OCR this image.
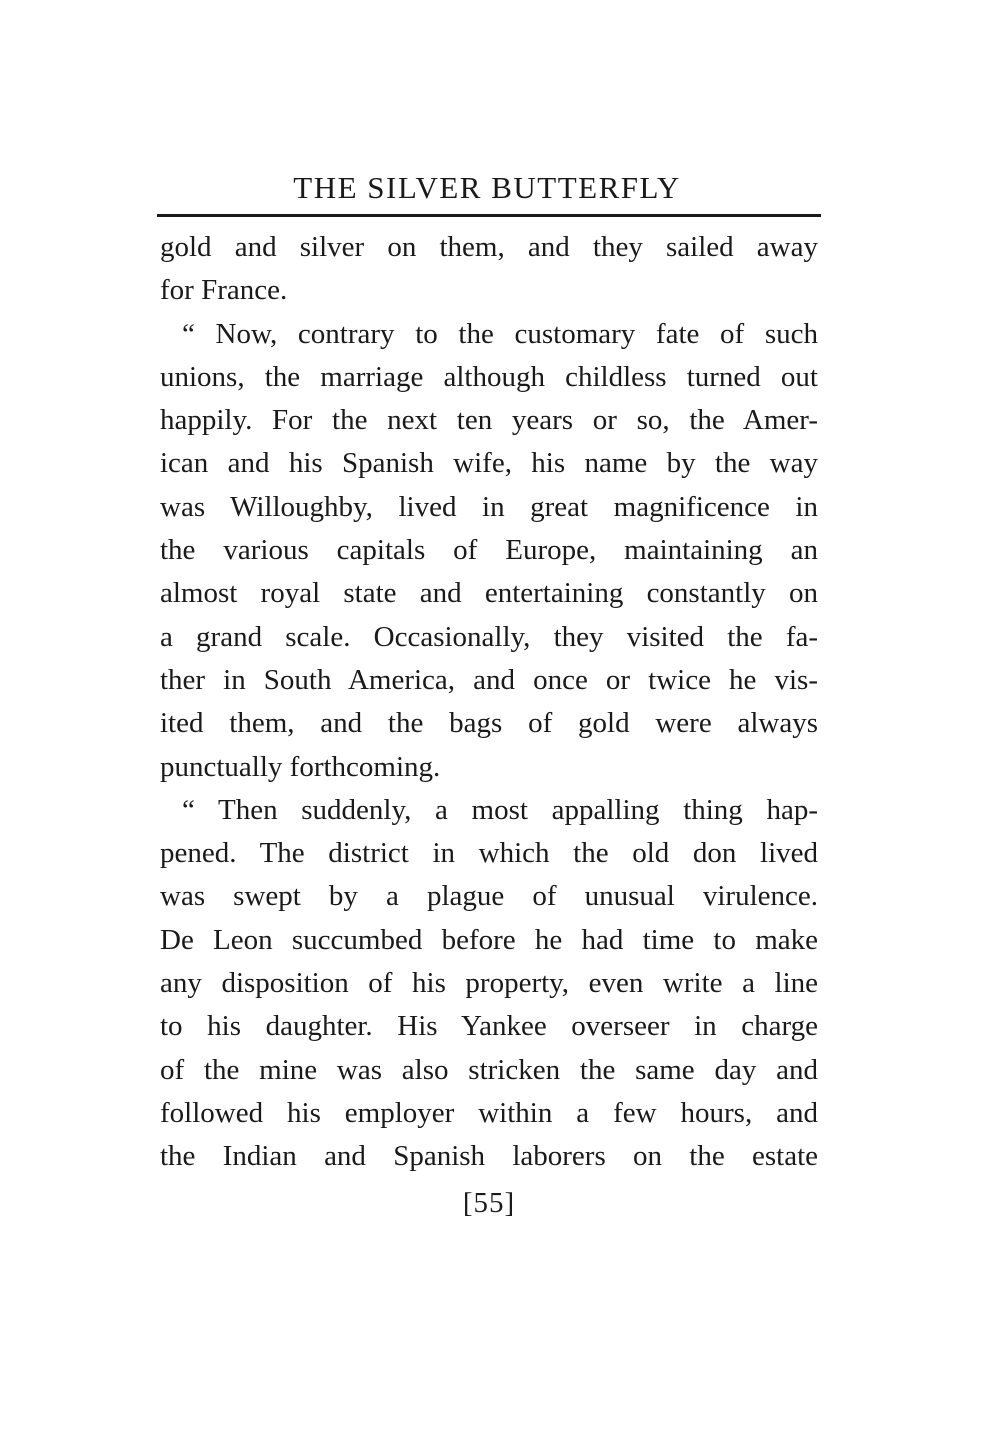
THE SILVER BUTTERFLY
gold and silver on them, and they sailed away
for France.
“ Now, contrary to the customary fate of such
unions, the marriage although childless turned out
happily. For the next ten years or so, the Amer-
ican and his Spanish wife, his name by the way
was Willoughby, lived in great magnificence in
the various capitals of Europe, maintaining an
almost royal state and entertaining constantly on
a grand scale. Occasionally, they visited the fa-
ther in South America, and once or twice he vis-
ited them, and the bags of gold were always
punctually forthcoming.
“ Then suddenly, a most appalling thing hap-
pened. The district in which the old don lived
was swept by a plague of unusual virulence.
De Leon succumbed before he had time to make
any disposition of his property, even write a line
to his daughter. His Yankee overseer in charge
of the mine was also stricken the same day and
followed his employer within a few hours, and
the Indian and Spanish laborers on the estate
[55]
